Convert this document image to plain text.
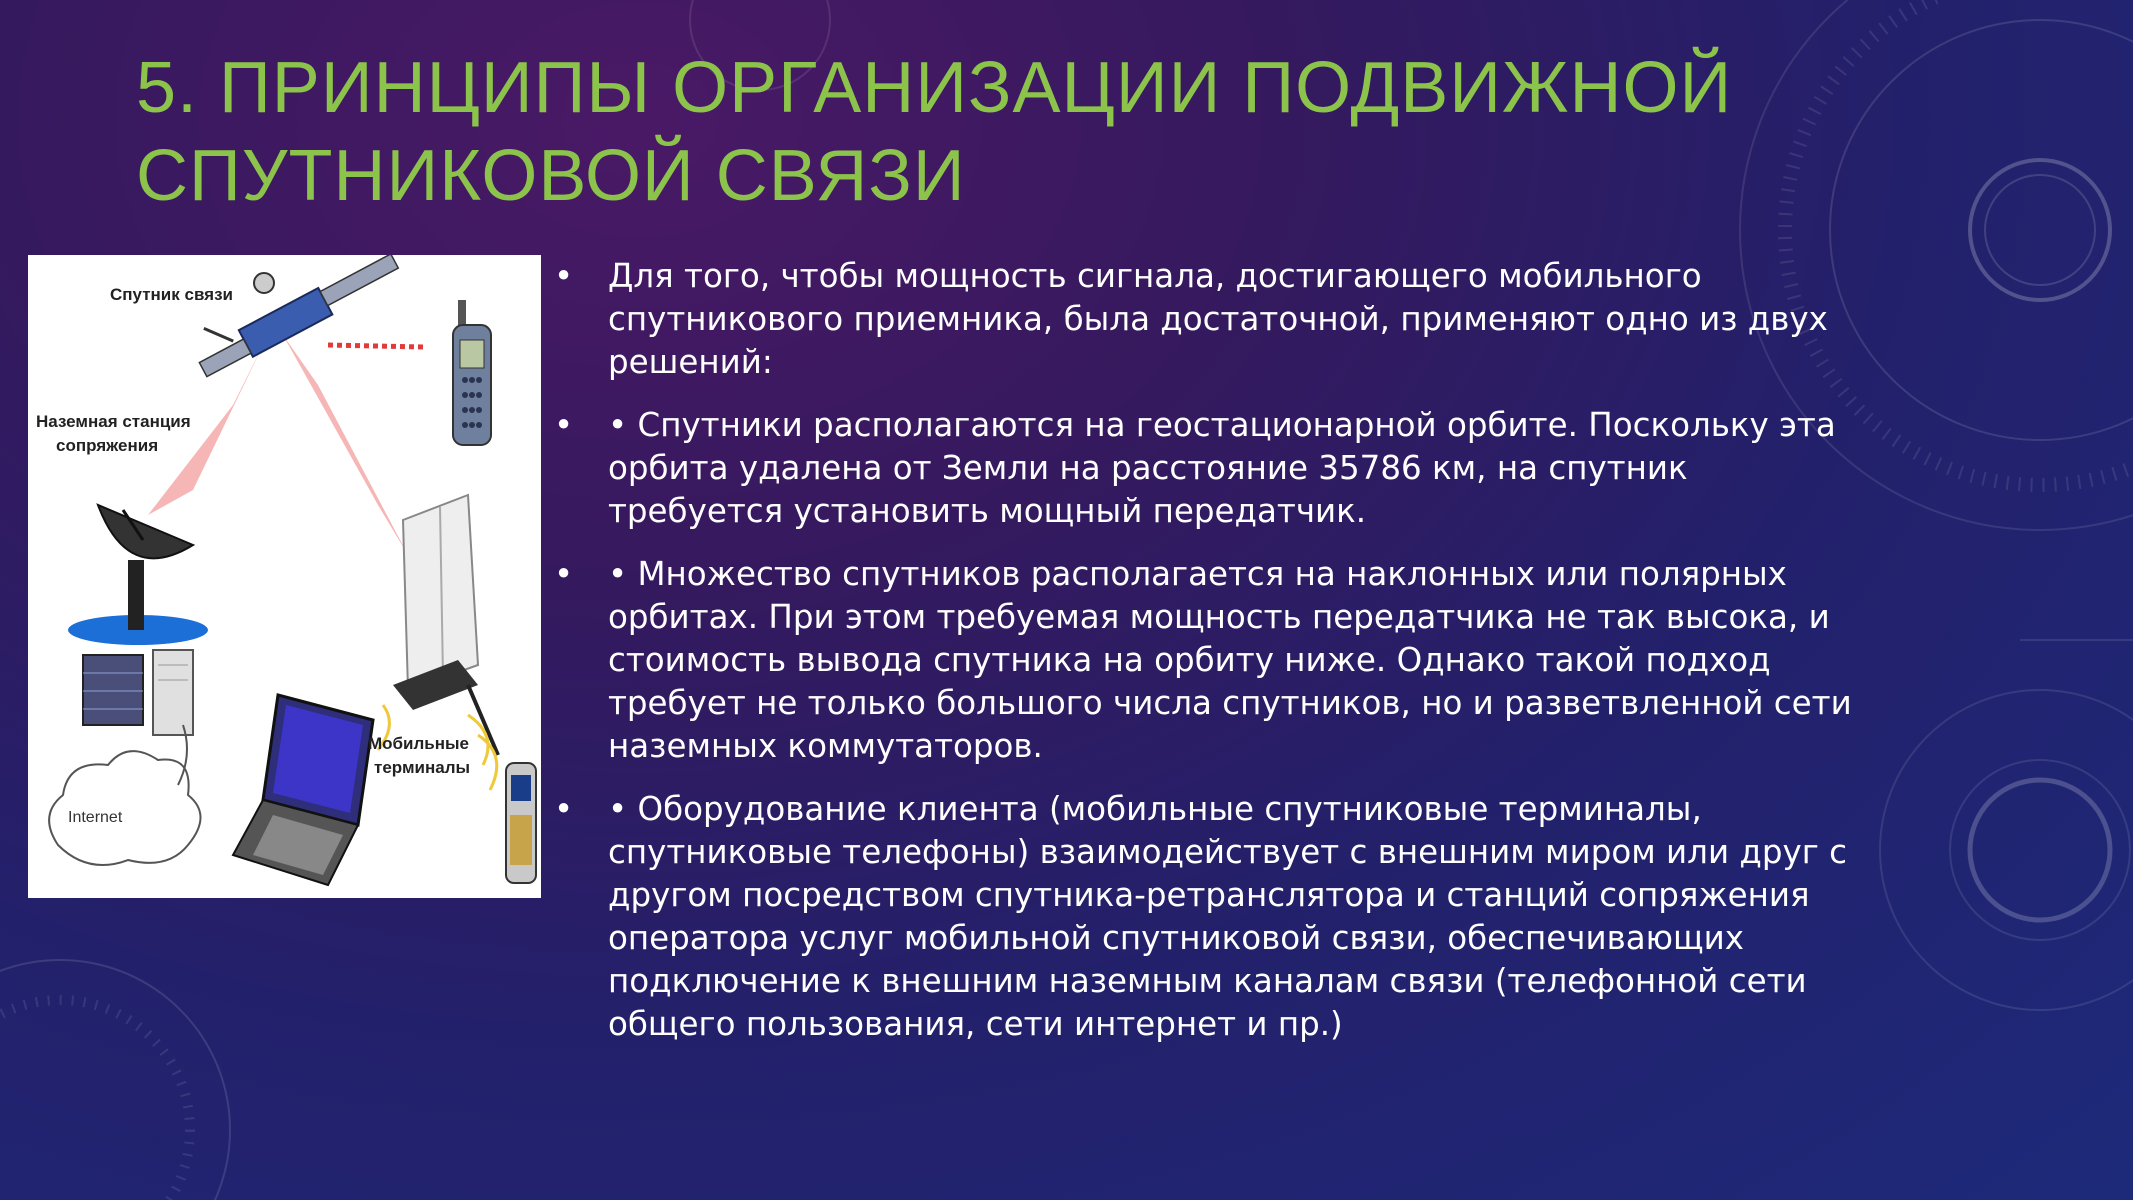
5. ПРИНЦИПЫ ОРГАНИЗАЦИИ ПОДВИЖНОЙ
СПУТНИКОВОЙ СВЯЗИ
Спутник связи
Наземная станция
сопряжения
Internet
Мобильные
терминалы
• Для того, чтобы мощность сигнала, достигающего мобильного спутникового приемника, была достаточной, применяют одно из двух решений:
• • Спутники располагаются на геостационарной орбите. Поскольку эта орбита удалена от Земли на расстояние 35786 км, на спутник требуется установить мощный передатчик.
• • Множество спутников располагается на наклонных или полярных орбитах. При этом требуемая мощность передатчика не так высока, и стоимость вывода спутника на орбиту ниже. Однако такой подход требует не только большого числа спутников, но и разветвленной сети наземных коммутаторов.
• • Оборудование клиента (мобильные спутниковые терминалы, спутниковые телефоны) взаимодействует с внешним миром или друг с другом посредством спутника-ретранслятора и станций сопряжения оператора услуг мобильной спутниковой связи, обеспечивающих подключение к внешним наземным каналам связи (телефонной сети общего пользования, сети интернет и пр.)
